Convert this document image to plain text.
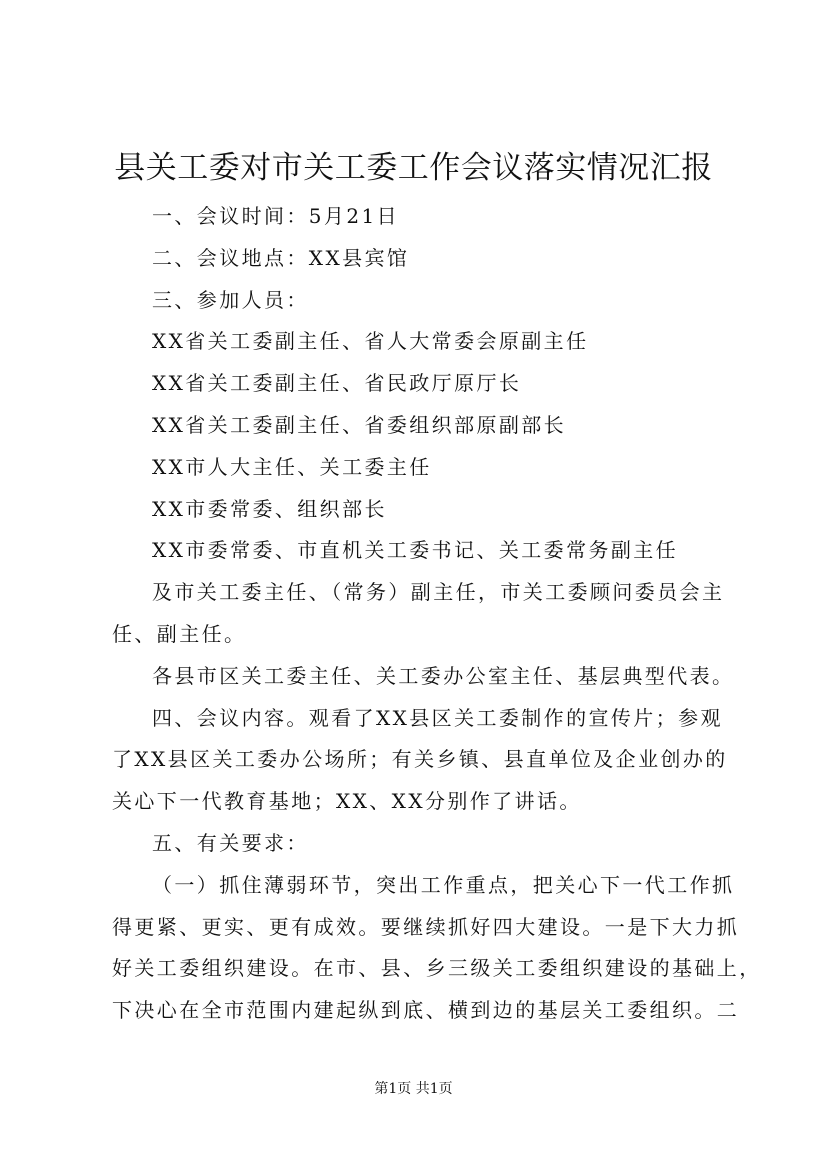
县关工委对市关工委工作会议落实情况汇报
一、会议时间：5月21日
二、会议地点：XX县宾馆
三、参加人员：
XX省关工委副主任、省人大常委会原副主任
XX省关工委副主任、省民政厅原厅长
XX省关工委副主任、省委组织部原副部长
XX市人大主任、关工委主任
XX市委常委、组织部长
XX市委常委、市直机关工委书记、关工委常务副主任
及市关工委主任、（常务）副主任，市关工委顾问委员会主
任、副主任。
各县市区关工委主任、关工委办公室主任、基层典型代表。
四、会议内容。观看了XX县区关工委制作的宣传片；参观
了XX县区关工委办公场所；有关乡镇、县直单位及企业创办的
关心下一代教育基地；XX、XX分别作了讲话。
五、有关要求：
（一）抓住薄弱环节，突出工作重点，把关心下一代工作抓
得更紧、更实、更有成效。要继续抓好四大建设。一是下大力抓
好关工委组织建设。在市、县、乡三级关工委组织建设的基础上，
下决心在全市范围内建起纵到底、横到边的基层关工委组织。二
第1页 共1页
